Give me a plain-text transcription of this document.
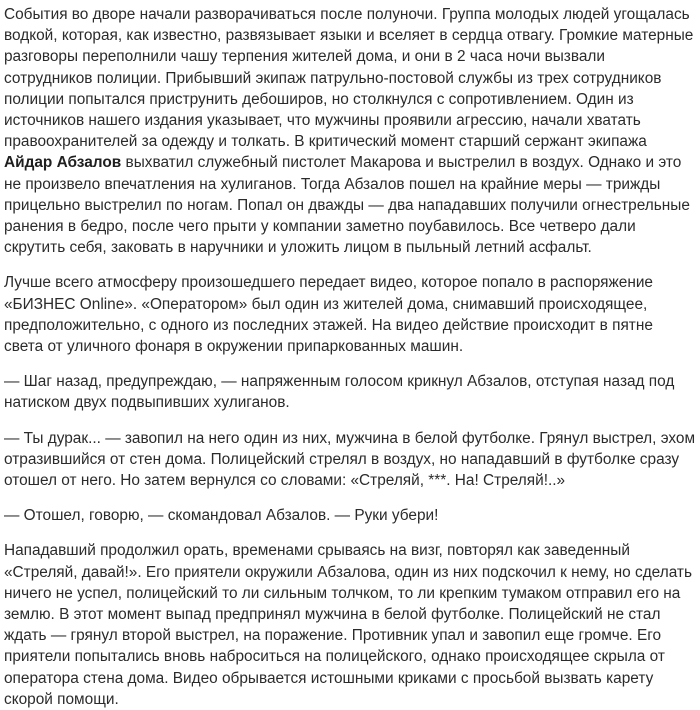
События во дворе начали разворачиваться после полуночи. Группа молодых людей угощалась водкой, которая, как известно, развязывает языки и вселяет в сердца отвагу. Громкие матерные разговоры переполнили чашу терпения жителей дома, и они в 2 часа ночи вызвали сотрудников полиции. Прибывший экипаж патрульно-постовой службы из трех сотрудников полиции попытался приструнить дебоширов, но столкнулся с сопротивлением. Один из источников нашего издания указывает, что мужчины проявили агрессию, начали хватать правоохранителей за одежду и толкать. В критический момент старший сержант экипажа Айдар Абзалов выхватил служебный пистолет Макарова и выстрелил в воздух. Однако и это не произвело впечатления на хулиганов. Тогда Абзалов пошел на крайние меры — трижды прицельно выстрелил по ногам. Попал он дважды — два нападавших получили огнестрельные ранения в бедро, после чего прыти у компании заметно поубавилось. Все четверо дали скрутить себя, заковать в наручники и уложить лицом в пыльный летний асфальт.

Лучше всего атмосферу произошедшего передает видео, которое попало в распоряжение «БИЗНЕС Online». «Оператором» был один из жителей дома, снимавший происходящее, предположительно, с одного из последних этажей. На видео действие происходит в пятне света от уличного фонаря в окружении припаркованных машин.

— Шаг назад, предупреждаю, — напряженным голосом крикнул Абзалов, отступая назад под натиском двух подвыпивших хулиганов.

— Ты дурак... — завопил на него один из них, мужчина в белой футболке. Грянул выстрел, эхом отразившийся от стен дома. Полицейский стрелял в воздух, но нападавший в футболке сразу отошел от него. Но затем вернулся со словами: «Стреляй, ***. На! Стреляй!..»

— Отошел, говорю, — скомандовал Абзалов. — Руки убери!

Нападавший продолжил орать, временами срываясь на визг, повторял как заведенный «Стреляй, давай!». Его приятели окружили Абзалова, один из них подскочил к нему, но сделать ничего не успел, полицейский то ли сильным толчком, то ли крепким тумаком отправил его на землю. В этот момент выпад предпринял мужчина в белой футболке. Полицейский не стал ждать — грянул второй выстрел, на поражение. Противник упал и завопил еще громче. Его приятели попытались вновь наброситься на полицейского, однако происходящее скрыла от оператора стена дома. Видео обрывается истошными криками с просьбой вызвать карету скорой помощи.
